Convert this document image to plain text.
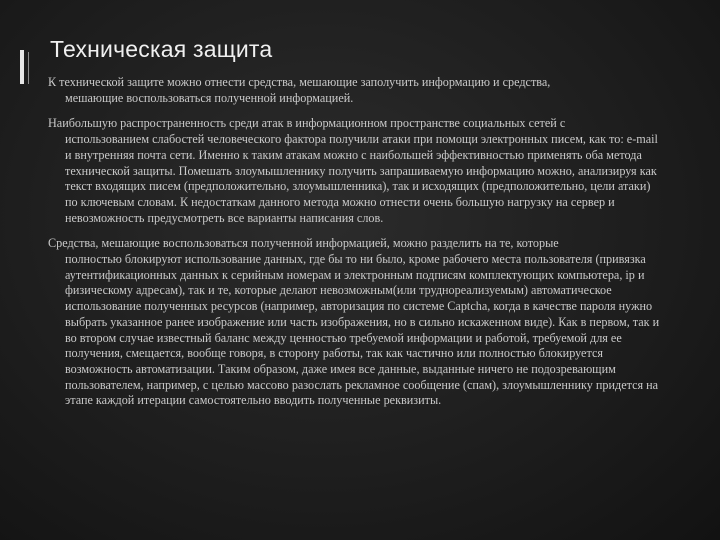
Техническая защита

К технической защите можно отнести средства, мешающие заполучить информацию и средства,
мешающие воспользоваться полученной информацией.

Наибольшую распространенность среди атак в информационном пространстве социальных сетей с
использованием слабостей человеческого фактора получили атаки при помощи электронных писем, как то: e-mail и внутренняя почта сети. Именно к таким атакам можно с наибольшей эффективностью применять оба метода технической защиты. Помешать злоумышленнику получить запрашиваемую информацию можно, анализируя как текст входящих писем (предположительно, злоумышленника), так и исходящих (предположительно, цели атаки) по ключевым словам. К недостаткам данного метода можно отнести очень большую нагрузку на сервер и невозможность предусмотреть все варианты написания слов.

Средства, мешающие воспользоваться полученной информацией, можно разделить на те, которые
полностью блокируют использование данных, где бы то ни было, кроме рабочего места пользователя (привязка аутентификационных данных к серийным номерам и электронным подписям комплектующих компьютера, ip и физическому адресам), так и те, которые делают невозможным(или труднореализуемым) автоматическое использование полученных ресурсов (например, авторизация по системе Captcha, когда в качестве пароля нужно выбрать указанное ранее изображение или часть изображения, но в сильно искаженном виде). Как в первом, так и во втором случае известный баланс между ценностью требуемой информации и работой, требуемой для ее получения, смещается, вообще говоря, в сторону работы, так как частично или полностью блокируется возможность автоматизации. Таким образом, даже имея все данные, выданные ничего не подозревающим пользователем, например, с целью массово разослать рекламное сообщение (спам), злоумышленнику придется на этапе каждой итерации самостоятельно вводить полученные реквизиты.
